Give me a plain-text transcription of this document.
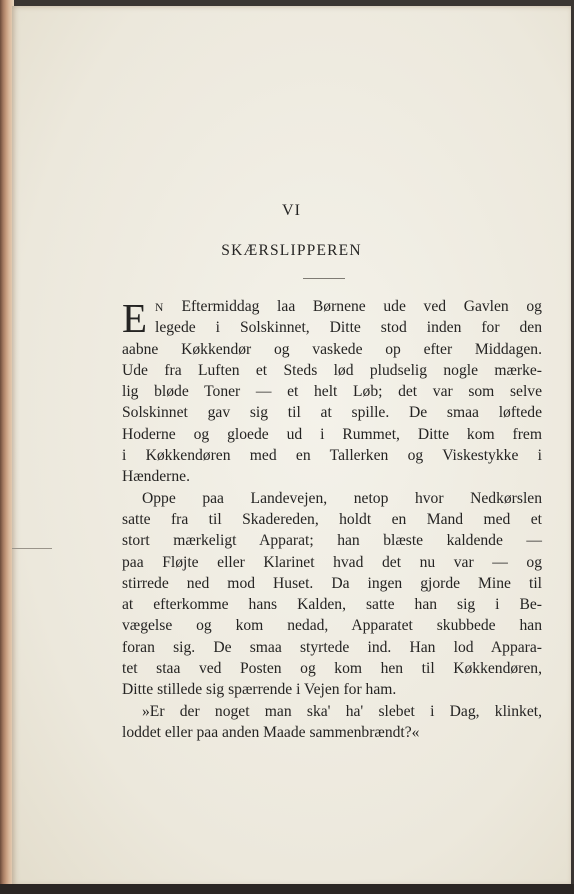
VI
SKÆRSLIPPEREN
E N Eftermiddag laa Børnene ude ved Gavlen og
legede i Solskinnet, Ditte stod inden for den
aabne Køkkendør og vaskede op efter Middagen.
Ude fra Luften et Steds lød pludselig nogle mærke-
lig bløde Toner — et helt Løb; det var som selve
Solskinnet gav sig til at spille. De smaa løftede
Hoderne og gloede ud i Rummet, Ditte kom frem
i Køkkendøren med en Tallerken og Viskestykke i
Hænderne.
Oppe paa Landevejen, netop hvor Nedkørslen
satte fra til Skadereden, holdt en Mand med et
stort mærkeligt Apparat; han blæste kaldende —
paa Fløjte eller Klarinet hvad det nu var — og
stirrede ned mod Huset. Da ingen gjorde Mine til
at efterkomme hans Kalden, satte han sig i Be-
vægelse og kom nedad, Apparatet skubbede han
foran sig. De smaa styrtede ind. Han lod Appara-
tet staa ved Posten og kom hen til Køkkendøren,
Ditte stillede sig spærrende i Vejen for ham.
»Er der noget man ska' ha' slebet i Dag, klinket,
loddet eller paa anden Maade sammenbrændt?«
